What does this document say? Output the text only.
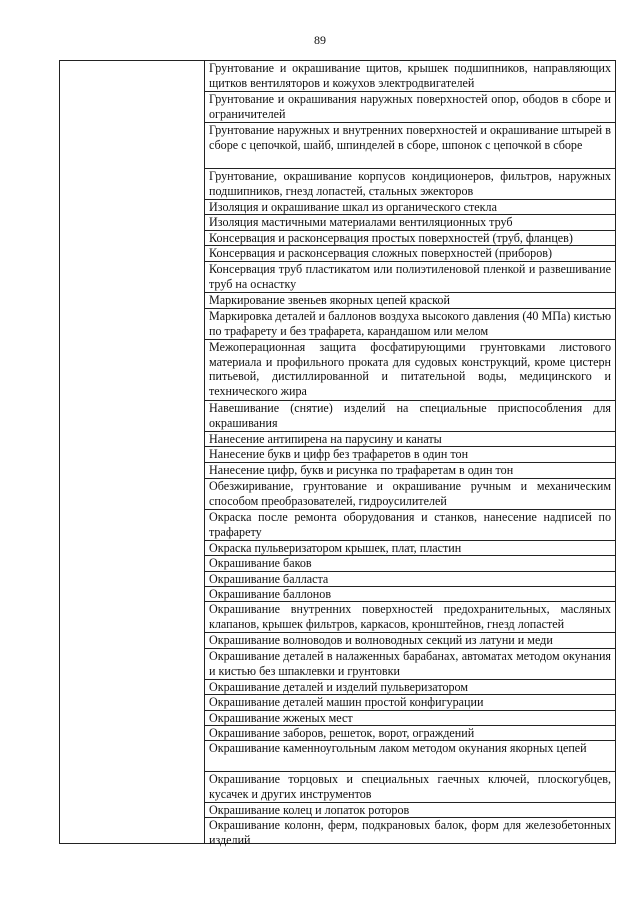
89
Грунтование и окрашивание щитов, крышек подшипников, направляющих щитков вентиляторов и кожухов электродвигателей
Грунтование и окрашивания наружных поверхностей опор, ободов в сборе и ограничителей
Грунтование наружных и внутренних поверхностей и окрашивание штырей в сборе с цепочкой, шайб, шпинделей в сборе, шпонок с цепочкой в сборе
Грунтование, окрашивание корпусов кондиционеров, фильтров, наружных подшипников, гнезд лопастей, стальных эжекторов
Изоляция и окрашивание шкал из органического стекла
Изоляция мастичными материалами вентиляционных труб
Консервация и расконсервация простых поверхностей (труб, фланцев)
Консервация и расконсервация сложных поверхностей (приборов)
Консервация труб пластикатом или полиэтиленовой пленкой и развешивание труб на оснастку
Маркирование звеньев якорных цепей краской
Маркировка деталей и баллонов воздуха высокого давления (40 МПа) кистью по трафарету и без трафарета, карандашом или мелом
Межоперационная защита фосфатирующими грунтовками листового материала и профильного проката для судовых конструкций, кроме цистерн питьевой, дистиллированной и питательной воды, медицинского и технического жира
Навешивание (снятие) изделий на специальные приспособления для окрашивания
Нанесение антипирена на парусину и канаты
Нанесение букв и цифр без трафаретов в один тон
Нанесение цифр, букв и рисунка по трафаретам в один тон
Обезжиривание, грунтование и окрашивание ручным и механическим способом преобразователей, гидроусилителей
Окраска после ремонта оборудования и станков, нанесение надписей по трафарету
Окраска пульверизатором крышек, плат, пластин
Окрашивание баков
Окрашивание балласта
Окрашивание баллонов
Окрашивание внутренних поверхностей предохранительных, масляных клапанов, крышек фильтров, каркасов, кронштейнов, гнезд лопастей
Окрашивание волноводов и волноводных секций из латуни и меди
Окрашивание деталей в налаженных барабанах, автоматах методом окунания и кистью без шпаклевки и грунтовки
Окрашивание деталей и изделий пульверизатором
Окрашивание деталей машин простой конфигурации
Окрашивание жженых мест
Окрашивание заборов, решеток, ворот, ограждений
Окрашивание каменноугольным лаком методом окунания якорных цепей
Окрашивание торцовых и специальных гаечных ключей, плоскогубцев, кусачек и других инструментов
Окрашивание колец и лопаток роторов
Окрашивание колонн, ферм, подкрановых балок, форм для железобетонных изделий
